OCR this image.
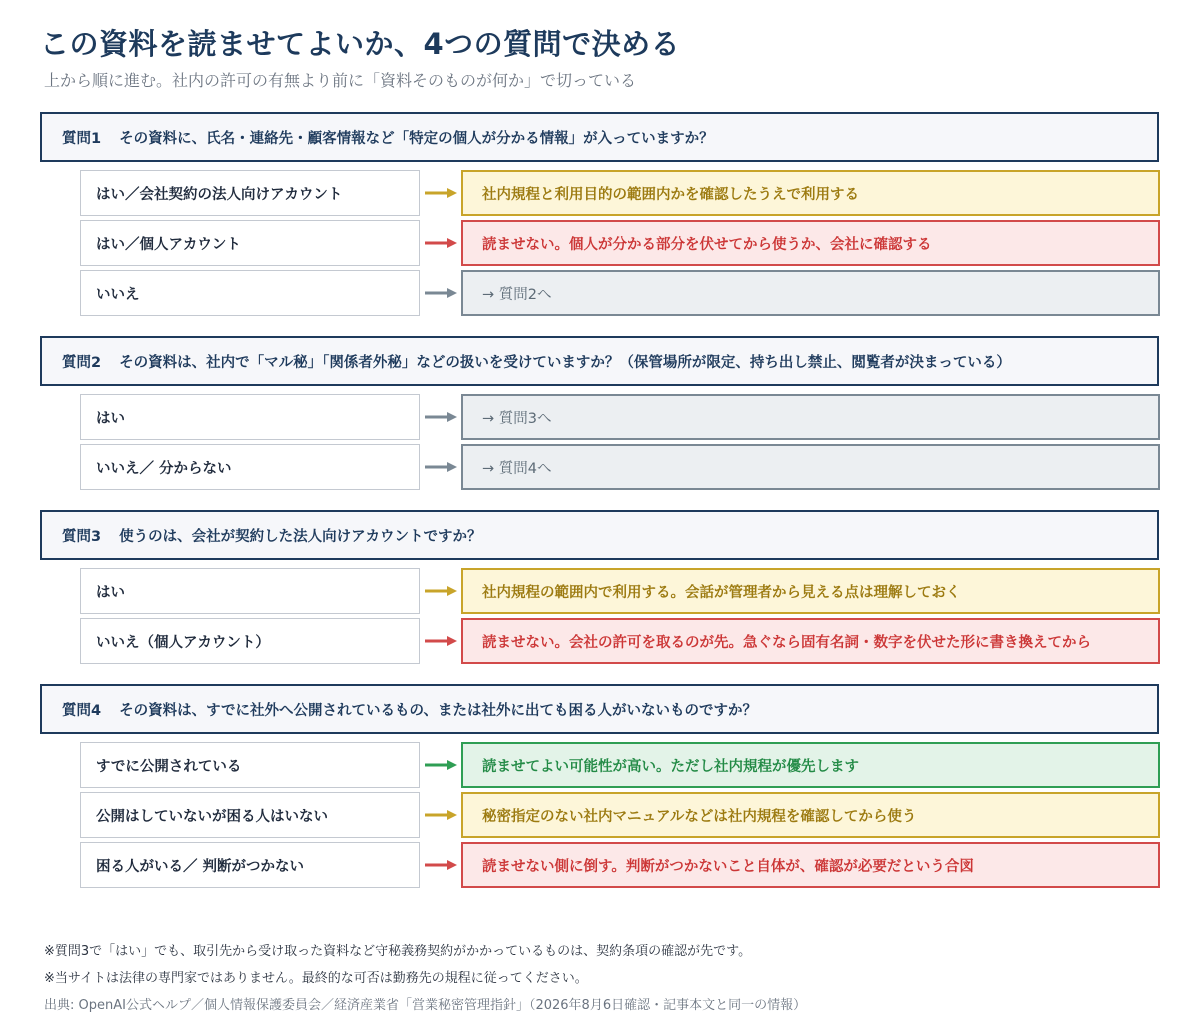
この資料を読ませてよいか、4つの質問で決める
上から順に進む。社内の許可の有無より前に「資料そのものが何か」で切っている
質問1 その資料に、氏名・連絡先・顧客情報など「特定の個人が分かる情報」が入っていますか？
はい／会社契約の法人向けアカウント	社内規程と利用目的の範囲内かを確認したうえで利用する
はい／個人アカウント	読ませない。個人が分かる部分を伏せてから使うか、会社に確認する
いいえ	→ 質問2へ
質問2 その資料は、社内で「マル秘」「関係者外秘」などの扱いを受けていますか？（保管場所が限定、持ち出し禁止、閲覧者が決まっている）
はい	→ 質問3へ
いいえ／ 分からない	→ 質問4へ
質問3 使うのは、会社が契約した法人向けアカウントですか？
はい	社内規程の範囲内で利用する。会話が管理者から見える点は理解しておく
いいえ（個人アカウント）	読ませない。会社の許可を取るのが先。急ぐなら固有名詞・数字を伏せた形に書き換えてから
質問4 その資料は、すでに社外へ公開されているもの、または社外に出ても困る人がいないものですか？
すでに公開されている	読ませてよい可能性が高い。ただし社内規程が優先します
公開はしていないが困る人はいない	秘密指定のない社内マニュアルなどは社内規程を確認してから使う
困る人がいる／ 判断がつかない	読ませない側に倒す。判断がつかないこと自体が、確認が必要だという合図
※質問3で「はい」でも、取引先から受け取った資料など守秘義務契約がかかっているものは、契約条項の確認が先です。
※当サイトは法律の専門家ではありません。最終的な可否は勤務先の規程に従ってください。
出典: OpenAI公式ヘルプ／個人情報保護委員会／経済産業省「営業秘密管理指針」（2026年8月6日確認・記事本文と同一の情報）
